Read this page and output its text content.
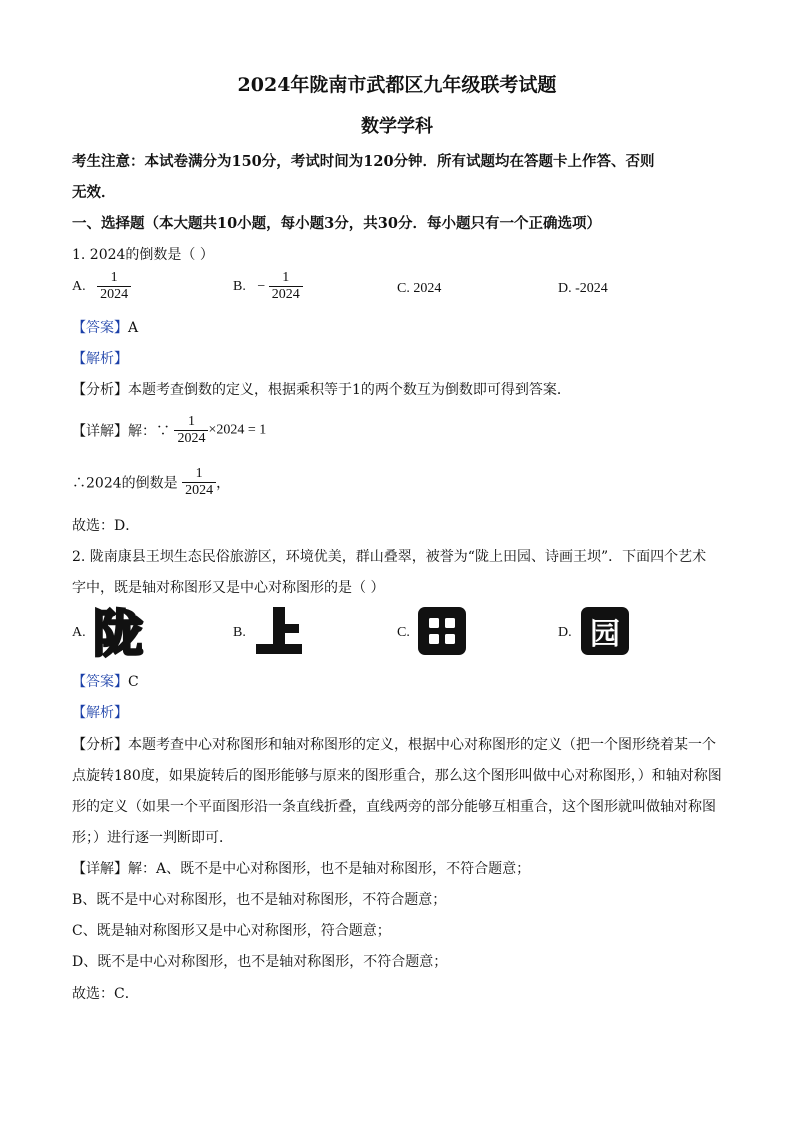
2024年陇南市武都区九年级联考试题
数学学科
考生注意：本试卷满分为150分，考试时间为120分钟．所有试题均在答题卡上作答、否则
无效．
一、选择题（本大题共10小题，每小题3分，共30分．每小题只有一个正确选项）
1. 2024的倒数是（ ）
A. $\frac{1}{2024}$	B. − $\frac{1}{2024}$	C. 2024	D. -2024
【答案】A
【解析】
【分析】本题考查倒数的定义，根据乘积等于1的两个数互为倒数即可得到答案．
【详解】解：∵ $\frac{1}{2024} \times 2024 = 1$
∴2024的倒数是 $\frac{1}{2024}$ ，
故选：D．
2. 陇南康县王坝生态民俗旅游区，环境优美，群山叠翠，被誉为“陇上田园、诗画王坝”．下面四个艺术
字中，既是轴对称图形又是中心对称图形的是（ ）
A. 陇	B.	C.	D. 园
【答案】C
【解析】
【分析】本题考查中心对称图形和轴对称图形的定义，根据中心对称图形的定义（把一个图形绕着某一个
点旋转180度，如果旋转后的图形能够与原来的图形重合，那么这个图形叫做中心对称图形，）和轴对称图
形的定义（如果一个平面图形沿一条直线折叠，直线两旁的部分能够互相重合，这个图形就叫做轴对称图
形；）进行逐一判断即可．
【详解】解：A、既不是中心对称图形，也不是轴对称图形，不符合题意；
B、既不是中心对称图形，也不是轴对称图形，不符合题意；
C、既是轴对称图形又是中心对称图形，符合题意；
D、既不是中心对称图形，也不是轴对称图形，不符合题意；
故选：C．
